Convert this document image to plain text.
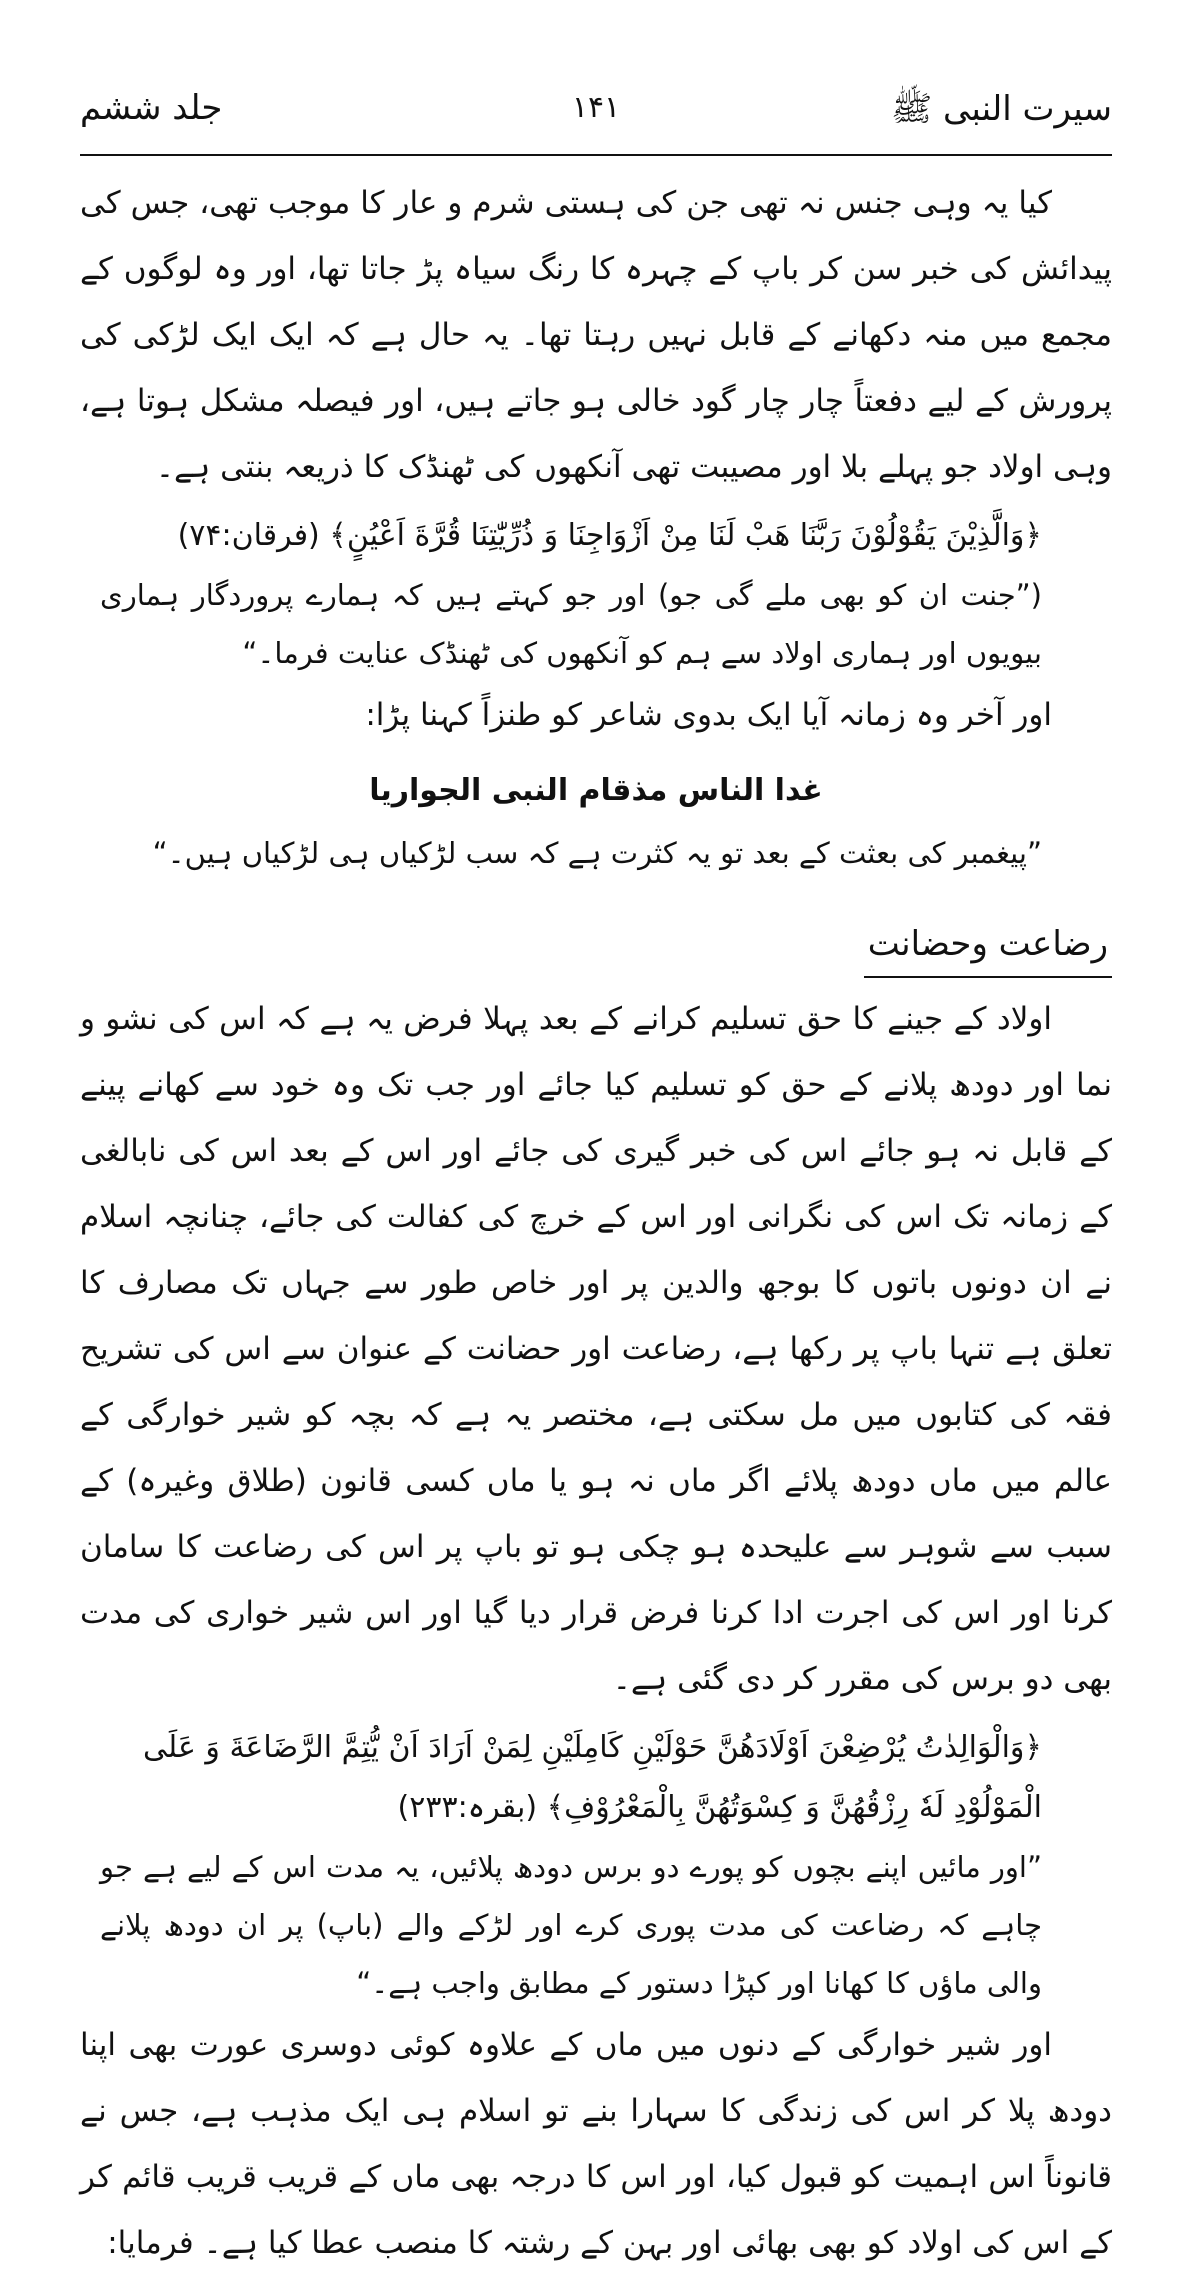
سیرت النبی ﷺ
۱۴۱
جلد ششم

کیا یہ وہی جنس نہ تھی جن کی ہستی شرم و عار کا موجب تھی، جس کی پیدائش کی خبر سن کر باپ کے چہرہ کا رنگ سیاہ پڑ جاتا تھا، اور وہ لوگوں کے مجمع میں منہ دکھانے کے قابل نہیں رہتا تھا۔ یہ حال ہے کہ ایک ایک لڑکی کی پرورش کے لیے دفعتاً چار چار گود خالی ہو جاتے ہیں، اور فیصلہ مشکل ہوتا ہے، وہی اولاد جو پہلے بلا اور مصیبت تھی آنکھوں کی ٹھنڈک کا ذریعہ بنتی ہے۔

﴿وَالَّذِیْنَ یَقُوْلُوْنَ رَبَّنَا هَبْ لَنَا مِنْ اَزْوَاجِنَا وَ ذُرِّیّٰتِنَا قُرَّةَ اَعْیُنٍ﴾ (فرقان:۷۴)

(”جنت ان کو بھی ملے گی جو) اور جو کہتے ہیں کہ ہمارے پروردگار ہماری بیویوں اور ہماری اولاد سے ہم کو آنکھوں کی ٹھنڈک عنایت فرما۔“

اور آخر وہ زمانہ آیا ایک بدوی شاعر کو طنزاً کہنا پڑا:

غدا الناس مذقام النبی الجواریا

”پیغمبر کی بعثت کے بعد تو یہ کثرت ہے کہ سب لڑکیاں ہی لڑکیاں ہیں۔“

رضاعت وحضانت

اولاد کے جینے کا حق تسلیم کرانے کے بعد پہلا فرض یہ ہے کہ اس کی نشو و نما اور دودھ پلانے کے حق کو تسلیم کیا جائے اور جب تک وہ خود سے کھانے پینے کے قابل نہ ہو جائے اس کی خبر گیری کی جائے اور اس کے بعد اس کی نابالغی کے زمانہ تک اس کی نگرانی اور اس کے خرچ کی کفالت کی جائے، چنانچہ اسلام نے ان دونوں باتوں کا بوجھ والدین پر اور خاص طور سے جہاں تک مصارف کا تعلق ہے تنہا باپ پر رکھا ہے، رضاعت اور حضانت کے عنوان سے اس کی تشریح فقہ کی کتابوں میں مل سکتی ہے، مختصر یہ ہے کہ بچہ کو شیر خوارگی کے عالم میں ماں دودھ پلائے اگر ماں نہ ہو یا ماں کسی قانون (طلاق وغیرہ) کے سبب سے شوہر سے علیحدہ ہو چکی ہو تو باپ پر اس کی رضاعت کا سامان کرنا اور اس کی اجرت ادا کرنا فرض قرار دیا گیا اور اس شیر خواری کی مدت بھی دو برس کی مقرر کر دی گئی ہے۔

﴿وَالْوَالِدٰتُ یُرْضِعْنَ اَوْلَادَهُنَّ حَوْلَیْنِ كَامِلَیْنِ لِمَنْ اَرَادَ اَنْ یُّتِمَّ الرَّضَاعَةَ وَ عَلَی الْمَوْلُوْدِ لَهٗ رِزْقُهُنَّ وَ كِسْوَتُهُنَّ بِالْمَعْرُوْفِ﴾ (بقرہ:۲۳۳)

”اور مائیں اپنے بچوں کو پورے دو برس دودھ پلائیں، یہ مدت اس کے لیے ہے جو چاہے کہ رضاعت کی مدت پوری کرے اور لڑکے والے (باپ) پر ان دودھ پلانے والی ماؤں کا کھانا اور کپڑا دستور کے مطابق واجب ہے۔“

اور شیر خوارگی کے دنوں میں ماں کے علاوہ کوئی دوسری عورت بھی اپنا دودھ پلا کر اس کی زندگی کا سہارا بنے تو اسلام ہی ایک مذہب ہے، جس نے قانوناً اس اہمیت کو قبول کیا، اور اس کا درجہ بھی ماں کے قریب قریب قائم کر کے اس کی اولاد کو بھی بھائی اور بہن کے رشتہ کا منصب عطا کیا ہے۔ فرمایا:
